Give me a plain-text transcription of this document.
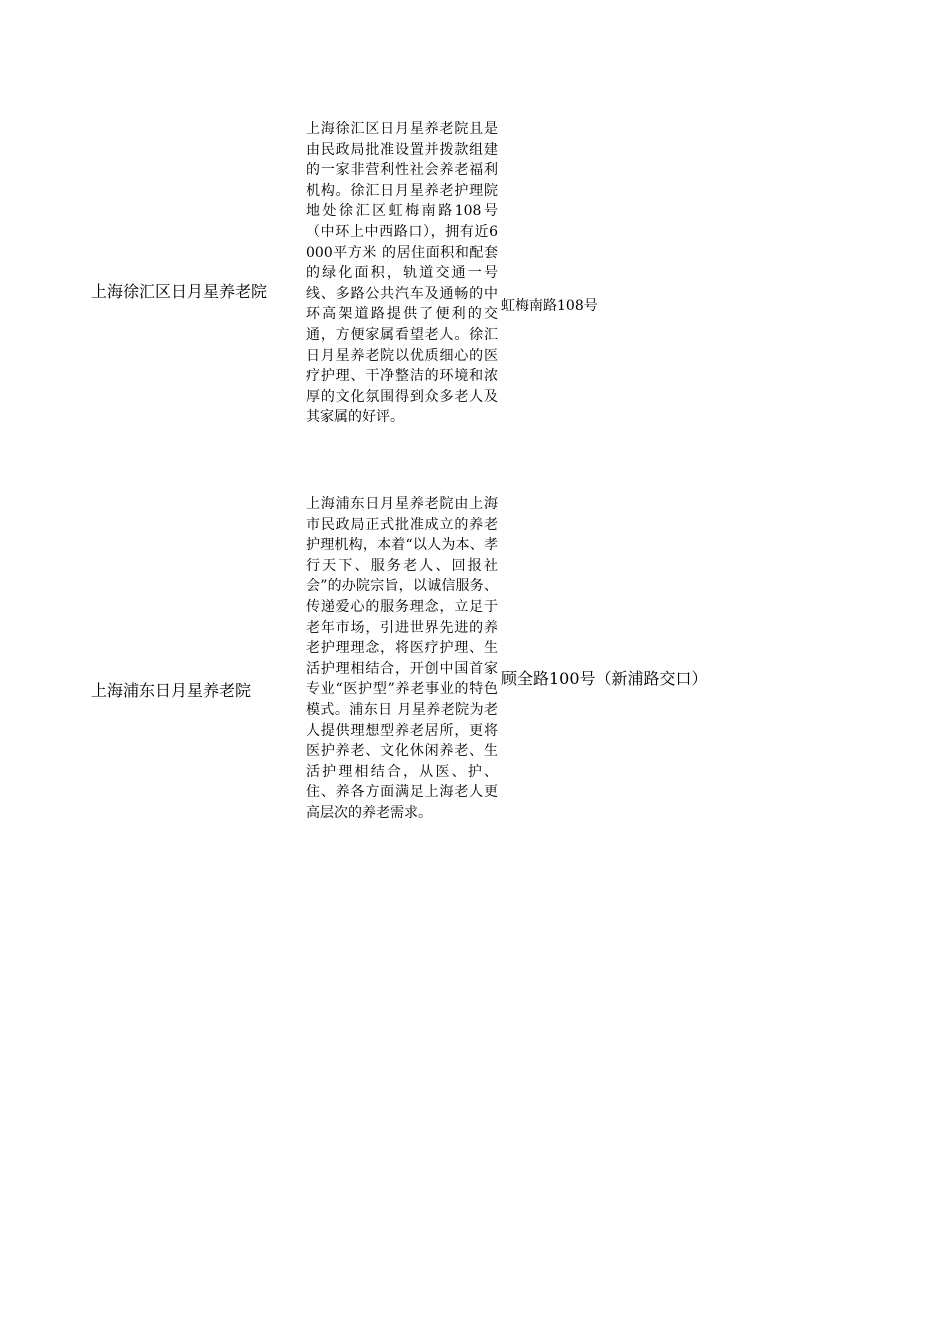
上海徐汇区日月星养老院
上海徐汇区日月星养老院且是 由民政局批准设置并拨款组建的一家非营利性社会养老福利机构。徐汇日月星养老护理院地处徐汇区虹梅南路108号（中环上中西路口），拥有近6000平方米 的居住面积和配套的绿化面积，轨道交通一号线、多路公共汽车及通畅的中环高架道路提供了便利的交通，方便家属看望老人。徐汇日月星养老院以优质细心的医疗护理、干净整洁的环境和浓厚的文化氛围得到众多老人及其家属的好评。
虹梅南路108号
上海浦东日月星养老院
上海浦东日月星养老院由上海市民政局正式批准成立的养老护理机构，本着“以人为本、孝行天下、服务老人、回报社会”的办院宗旨，以诚信服务、传递爱心的服务理念，立足于老年市场，引进世界先进的养老护理理念，将医疗护理、生活护理相结合，开创中国首家专业“医护型”养老事业的特色模式。浦东日 月星养老院为老人提供理想型养老居所，更将医护养老、文化休闲养老、生活护理相结合，从医、护、住、养各方面满足上海老人更高层次的养老需求。
顾全路100号（新浦路交口）
